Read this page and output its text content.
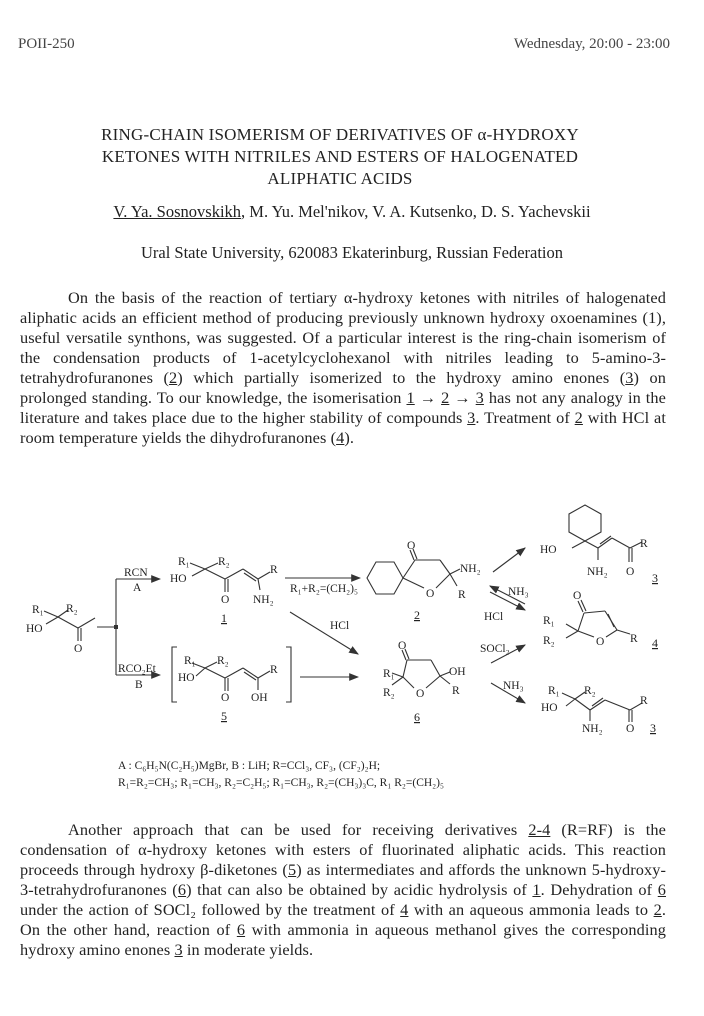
POII-250	Wednesday, 20:00 - 23:00
RING-CHAIN ISOMERISM OF DERIVATIVES OF α-HYDROXY
KETONES WITH NITRILES AND ESTERS OF HALOGENATED
ALIPHATIC ACIDS
V. Ya. Sosnovskikh, M. Yu. Mel'nikov, V. A. Kutsenko, D. S. Yachevskii
Ural State University, 620083 Ekaterinburg, Russian Federation
On the basis of the reaction of tertiary α-hydroxy ketones with nitriles of halogenated aliphatic acids an efficient method of producing previously unknown hydroxy oxoenamines (1), useful versatile synthons, was suggested. Of a particular interest is the ring-chain isomerism of the condensation products of 1-acetylcyclohexanol with nitriles leading to 5-amino-3-tetrahydrofuranones (2) which partially isomerized to the hydroxy amino enones (3) on prolonged standing. To our knowledge, the isomerisation 1 → 2 → 3 has not any analogy in the literature and takes place due to the higher stability of compounds 3. Treatment of 2 with HCl at room temperature yields the dihydrofuranones (4).
R₁ R₂
HO
O
RCN
A
RCO₂Et
B
R₁ R₂
HO
O
R
NH₂
1
R₁+R₂=(CH₂)₅
HCl
R₁ R₂
HO
O
R
OH
5
O
O
NH₂
R
2
NH₃
HCl
HO
NH₂ O
R
3
O
O
R₁
R₂	R 4
SOCl₂
NH₃
O
O
R₁
R₂
OH
R
6
R₁ R₂
HO
NH₂ O
R
3
A : C₆H₅N(C₂H₅)MgBr, B : LiH; R=CCl₃, CF₃, (CF₂)₂H;
R₁=R₂=CH₃; R₁=CH₃, R₂=C₂H₅; R₁=CH₃, R₂=(CH₃)₃C, R₁ R₂=(CH₂)₅
Another approach that can be used for receiving derivatives 2-4 (R=RF) is the condensation of α-hydroxy ketones with esters of fluorinated aliphatic acids. This reaction proceeds through hydroxy β-diketones (5) as intermediates and affords the unknown 5-hydroxy-3-tetrahydrofuranones (6) that can also be obtained by acidic hydrolysis of 1. Dehydration of 6 under the action of SOCl₂ followed by the treatment of 4 with an aqueous ammonia leads to 2. On the other hand, reaction of 6 with ammonia in aqueous methanol gives the corresponding hydroxy amino enones 3 in moderate yields.
